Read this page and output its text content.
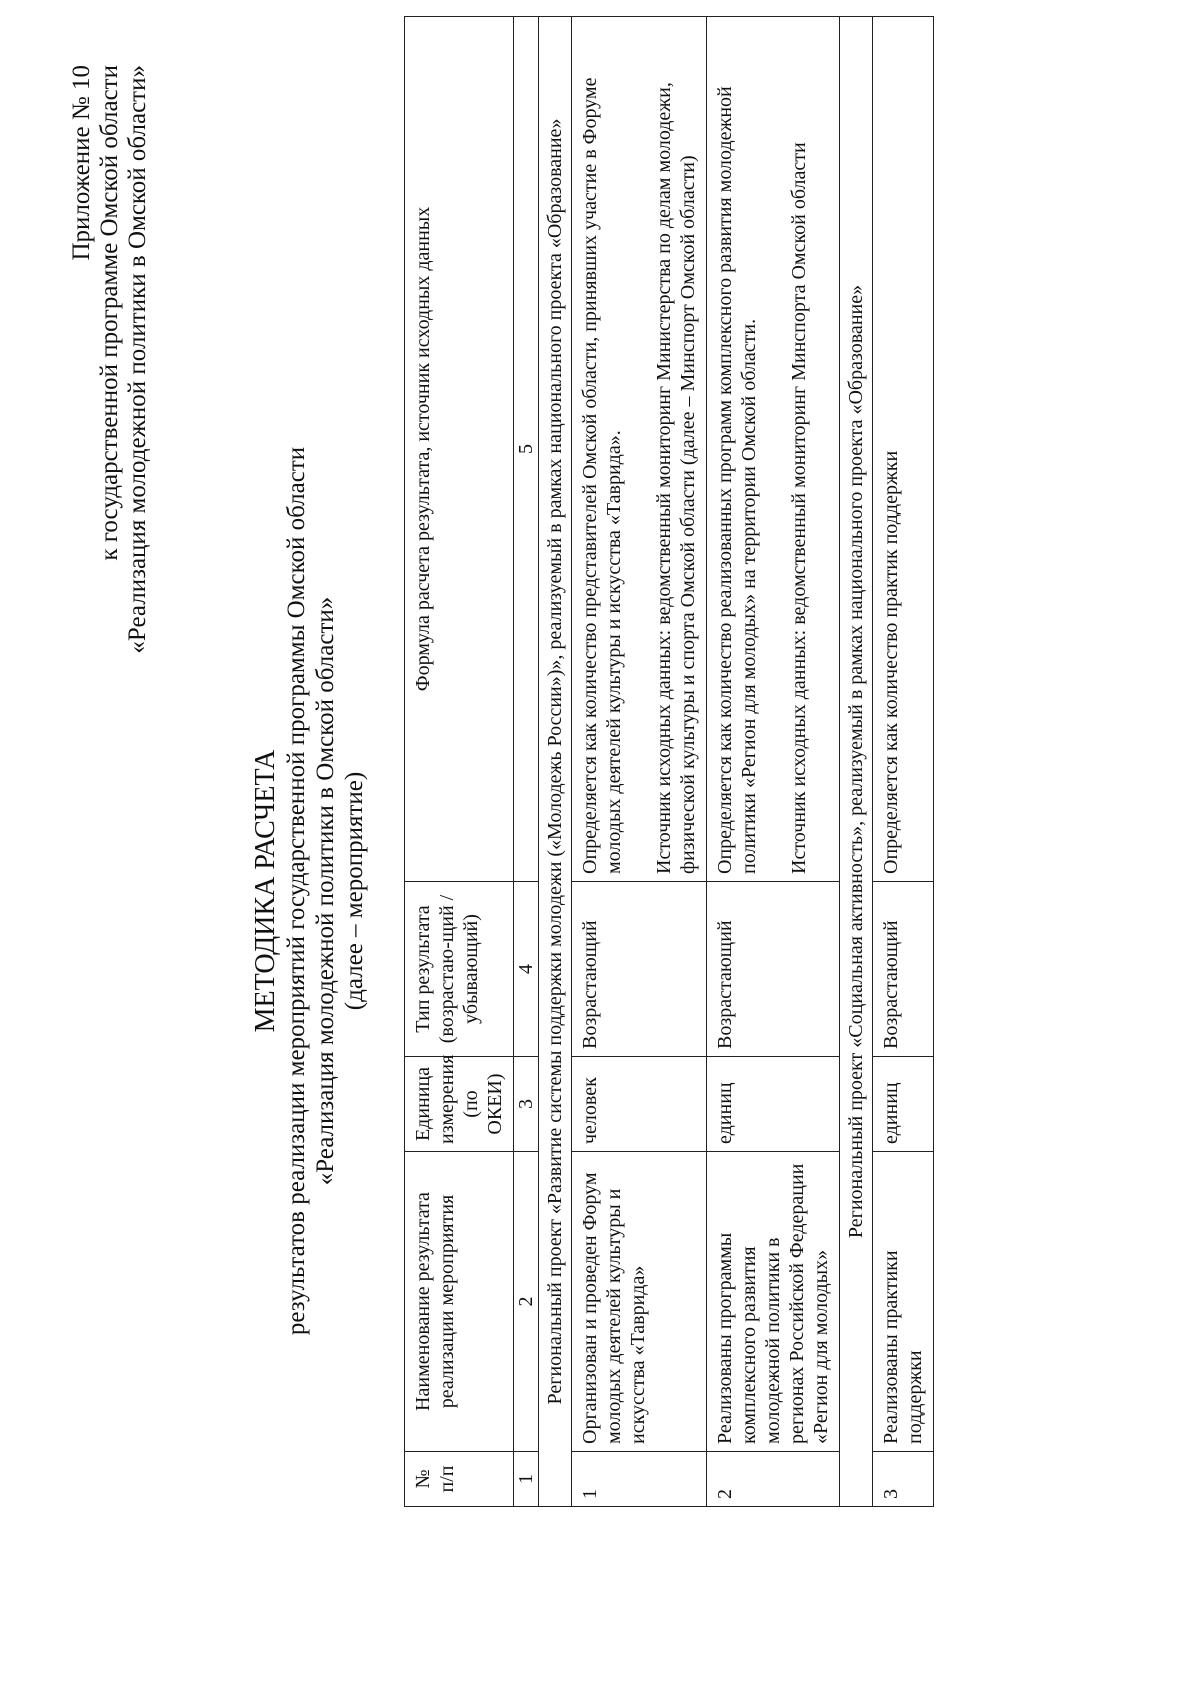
Приложение № 10 к государственной программе Омской области «Реализация молодежной политики в Омской области»
МЕТОДИКА РАСЧЕТА результатов реализации мероприятий государственной программы Омской области «Реализация молодежной политики в Омской области» (далее – мероприятие)
№ п/п	Наименование результата реализации мероприятия	Единица измерения (по ОКЕИ)	Тип результата (возрастаю-щий / убывающий)	Формула расчета результата, источник исходных данных
1	2	3	4	5
Региональный проект «Развитие системы поддержки молодежи («Молодежь России»)», реализуемый в рамках национального проекта «Образование»				
1	Организован и проведен Форум молодых деятелей культуры и искусства «Таврида»	человек	Возрастающий	Определяется как количество представителей Омской области, принявших участие в Форуме молодых деятелей культуры и искусства «Таврида». Источник исходных данных: ведомственный мониторинг Министерства по делам молодежи, физической культуры и спорта Омской области (далее – Минспорт Омской области)

2	Реализованы программы комплексного развития молодежной политики в регионах Российской Федерации «Регион для молодых»	единиц	Возрастающий	Определяется как количество реализованных программ комплексного развития молодежной политики «Регион для молодых» на территории Омской области. Источник исходных данных: ведомственный мониторинг Минспорта Омской области

Региональный проект «Социальная активность», реализуемый в рамках национального проекта «Образование»				
3	Реализованы практики поддержки	единиц	Возрастающий	Определяется как количество практик поддержки
